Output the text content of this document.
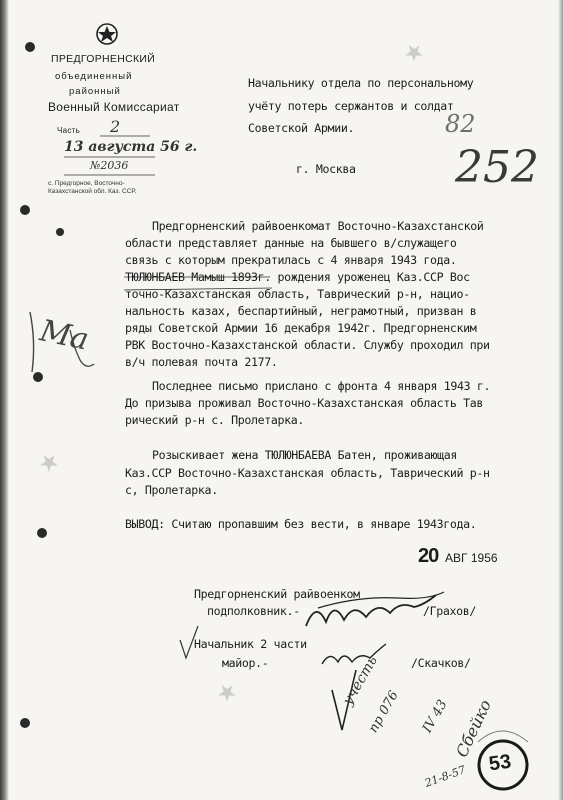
★
★
★
ПРЕДГОРНЕНСКИЙ
объединенный
районный
Военный Комиссариат
Часть 2
13 августа 56 г.
№2036
с. Предгорное, Восточно-Казахстанской обл. Каз. ССР.
Начальнику отдела по персональному
учёту потерь сержантов и солдат
Советской Армии.
г. Москва
82
252
Ма
Предгорненский райвоенкомат Восточно-Казахстанской
области представляет данные на бывшего в/служащего
связь с которым прекратилась с 4 января 1943 года.
ТЮЛЮНБАЕВ Мамыш 1893г. рождения уроженец Каз.ССР Вос
точно-Казахстанская область, Таврический р-н, нацио-
нальность казах, беспартийный, неграмотный, призван в
ряды Советской Армии 16 декабря 1942г. Предгорненским
РВК Восточно-Казахстанской области. Службу проходил при
в/ч полевая почта 2177.
Последнее письмо прислано с фронта 4 января 1943 г.
До призыва проживал Восточно-Казахстанская область Тав
рический р-н с. Пролетарка.
Розыскивает жена ТЮЛЮНБАЕВА Батен, проживающая
Каз.ССР Восточно-Казахстанская область, Таврический р-н
с, Пролетарка.
ВЫВОД: Считаю пропавшим без вести, в январе 1943года.
20 АВГ 1956
Предгорненский райвоенком
подполковник.-	/Грахов/
Начальник 2 части
майор.-	/Скачков/
учесть
пр 076 IV 43
21-8-57
Сбейко
53
